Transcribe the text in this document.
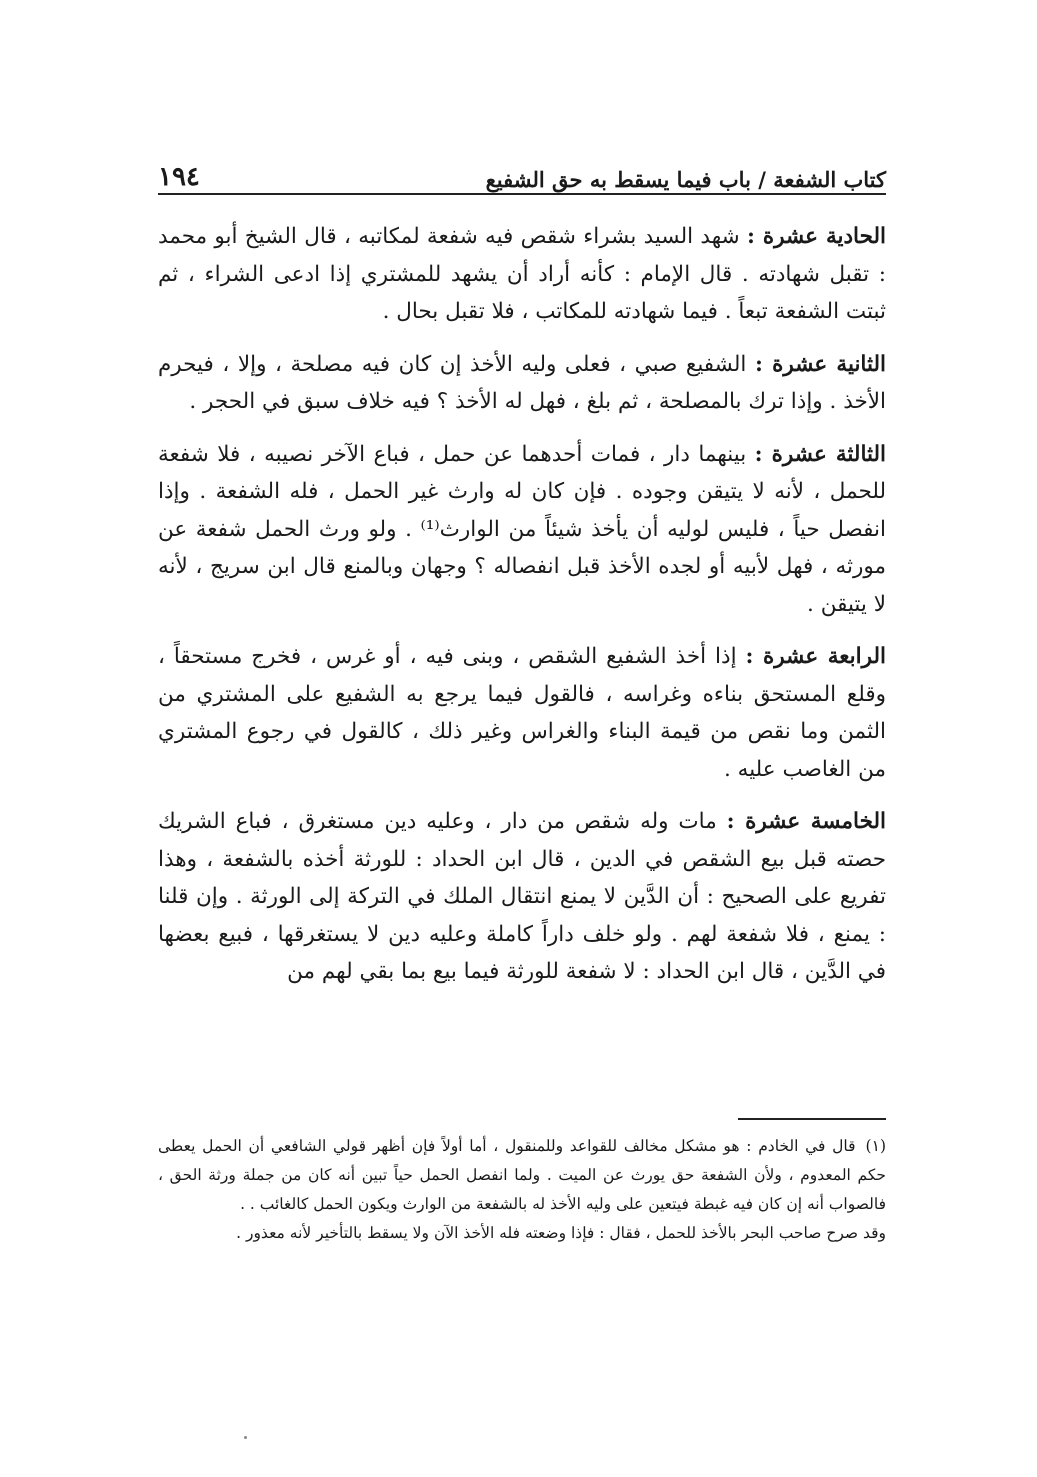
١٩٤	كتاب الشفعة / باب فيما يسقط به حق الشفيع

الحادية عشرة : شهد السيد بشراء شقص فيه شفعة لمكاتبه ، قال الشيخ أبو محمد : تقبل شهادته . قال الإمام : كأنه أراد أن يشهد للمشتري إذا ادعى الشراء ، ثم ثبتت الشفعة تبعاً . فيما شهادته للمكاتب ، فلا تقبل بحال .

الثانية عشرة : الشفيع صبي ، فعلى وليه الأخذ إن كان فيه مصلحة ، وإلا ، فيحرم الأخذ . وإذا ترك بالمصلحة ، ثم بلغ ، فهل له الأخذ ؟ فيه خلاف سبق في الحجر .

الثالثة عشرة : بينهما دار ، فمات أحدهما عن حمل ، فباع الآخر نصيبه ، فلا شفعة للحمل ، لأنه لا يتيقن وجوده . فإن كان له وارث غير الحمل ، فله الشفعة . وإذا انفصل حياً ، فليس لوليه أن يأخذ شيئاً من الوارث⁽¹⁾ . ولو ورث الحمل شفعة عن مورثه ، فهل لأبيه أو لجده الأخذ قبل انفصاله ؟ وجهان وبالمنع قال ابن سريج ، لأنه لا يتيقن .

الرابعة عشرة : إذا أخذ الشفيع الشقص ، وبنى فيه ، أو غرس ، فخرج مستحقاً ، وقلع المستحق بناءه وغراسه ، فالقول فيما يرجع به الشفيع على المشتري من الثمن وما نقص من قيمة البناء والغراس وغير ذلك ، كالقول في رجوع المشتري من الغاصب عليه .

الخامسة عشرة : مات وله شقص من دار ، وعليه دين مستغرق ، فباع الشريك حصته قبل بيع الشقص في الدين ، قال ابن الحداد : للورثة أخذه بالشفعة ، وهذا تفريع على الصحيح : أن الدَّين لا يمنع انتقال الملك في التركة إلى الورثة . وإن قلنا : يمنع ، فلا شفعة لهم . ولو خلف داراً كاملة وعليه دين لا يستغرقها ، فبيع بعضها في الدَّين ، قال ابن الحداد : لا شفعة للورثة فيما بيع بما بقي لهم من

(١)قال في الخادم : هو مشكل مخالف للقواعد وللمنقول ، أما أولاً فإن أظهر قولي الشافعي أن الحمل يعطى حكم المعدوم ، ولأن الشفعة حق يورث عن الميت . ولما انفصل الحمل حياً تبين أنه كان من جملة ورثة الحق ، فالصواب أنه إن كان فيه غبطة فيتعين على وليه الأخذ له بالشفعة من الوارث ويكون الحمل كالغائب . .

وقد صرح صاحب البحر بالأخذ للحمل ، فقال : فإذا وضعته فله الأخذ الآن ولا يسقط بالتأخير لأنه معذور .
